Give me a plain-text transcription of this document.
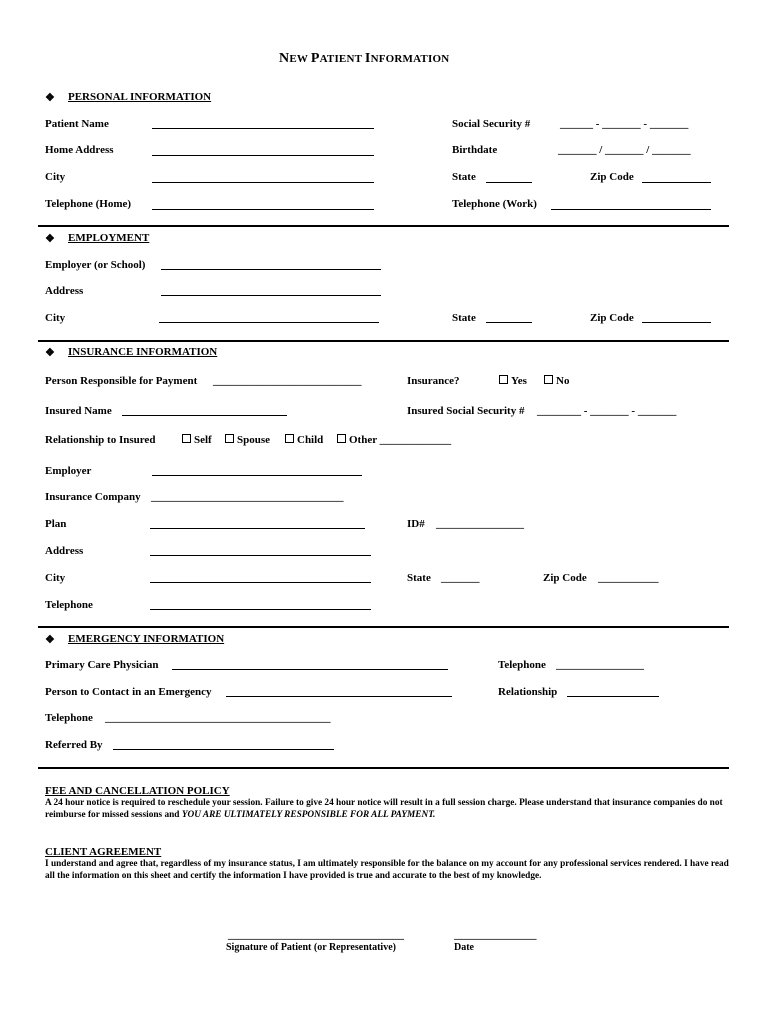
NEW PATIENT INFORMATION
❖ PERSONAL INFORMATION
Patient Name	Social Security #	______ - _______ - _______
Home Address	Birthdate	_______ / _______ / _______
City	State	Zip Code
Telephone (Home)	Telephone (Work)
❖ EMPLOYMENT
Employer (or School)
Address
City	State	Zip Code
❖ INSURANCE INFORMATION
Person Responsible for Payment ___________________________	Insurance?	Yes	No
Insured Name	Insured Social Security # ________ - _______ - _______
Relationship to Insured	Self	Spouse	Child	Other _____________
Employer
Insurance Company ___________________________________
Plan	ID# ________________
Address
City	State _______	Zip Code ___________
Telephone
❖ EMERGENCY INFORMATION
Primary Care Physician	Telephone ________________
Person to Contact in an Emergency	Relationship
Telephone _________________________________________
Referred By
FEE AND CANCELLATION POLICY
A 24 hour notice is required to reschedule your session. Failure to give 24 hour notice will result in a full session charge. Please understand that insurance companies do not reimburse for missed sessions and YOU ARE ULTIMATELY RESPONSIBLE FOR ALL PAYMENT.
CLIENT AGREEMENT
I understand and agree that, regardless of my insurance status, I am ultimately responsible for the balance on my account for any professional services rendered. I have read all the information on this sheet and certify the information I have provided is true and accurate to the best of my knowledge.
________________________________
Signature of Patient (or Representative)
_______________
Date
